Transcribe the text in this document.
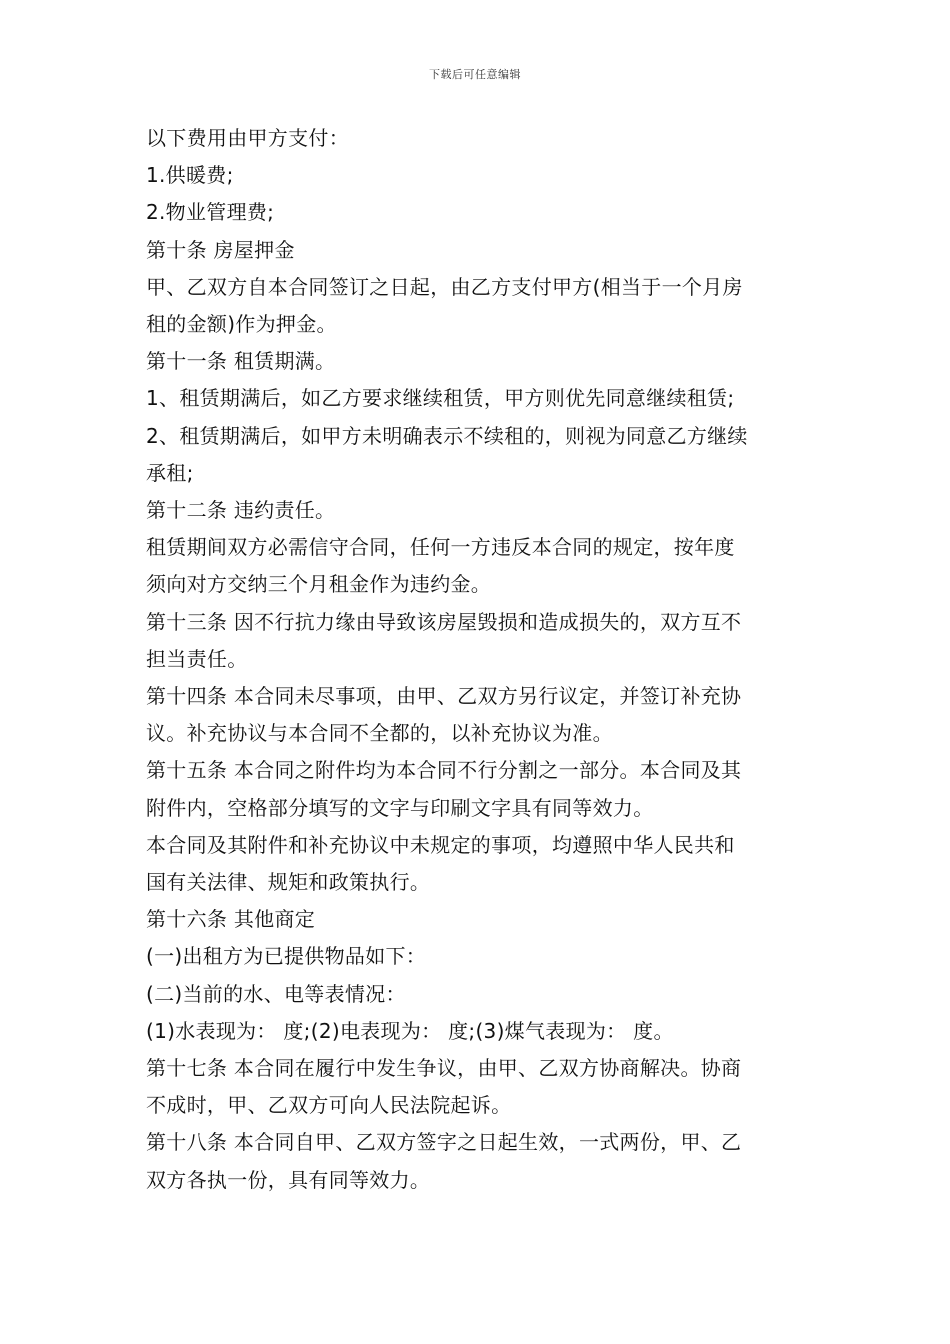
下载后可任意编辑
以下费用由甲方支付：
1.供暖费;
2.物业管理费;
第十条 房屋押金
甲、乙双方自本合同签订之日起，由乙方支付甲方(相当于一个月房
租的金额)作为押金。
第十一条 租赁期满。
1、租赁期满后，如乙方要求继续租赁，甲方则优先同意继续租赁;
2、租赁期满后，如甲方未明确表示不续租的，则视为同意乙方继续
承租;
第十二条 违约责任。
租赁期间双方必需信守合同，任何一方违反本合同的规定，按年度
须向对方交纳三个月租金作为违约金。
第十三条 因不行抗力缘由导致该房屋毁损和造成损失的，双方互不
担当责任。
第十四条 本合同未尽事项，由甲、乙双方另行议定，并签订补充协
议。补充协议与本合同不全都的，以补充协议为准。
第十五条 本合同之附件均为本合同不行分割之一部分。本合同及其
附件内，空格部分填写的文字与印刷文字具有同等效力。
本合同及其附件和补充协议中未规定的事项，均遵照中华人民共和
国有关法律、规矩和政策执行。
第十六条 其他商定
(一)出租方为已提供物品如下：
(二)当前的水、电等表情况：
(1)水表现为： 度;(2)电表现为： 度;(3)煤气表现为： 度。
第十七条 本合同在履行中发生争议，由甲、乙双方协商解决。协商
不成时，甲、乙双方可向人民法院起诉。
第十八条 本合同自甲、乙双方签字之日起生效，一式两份，甲、乙
双方各执一份，具有同等效力。
